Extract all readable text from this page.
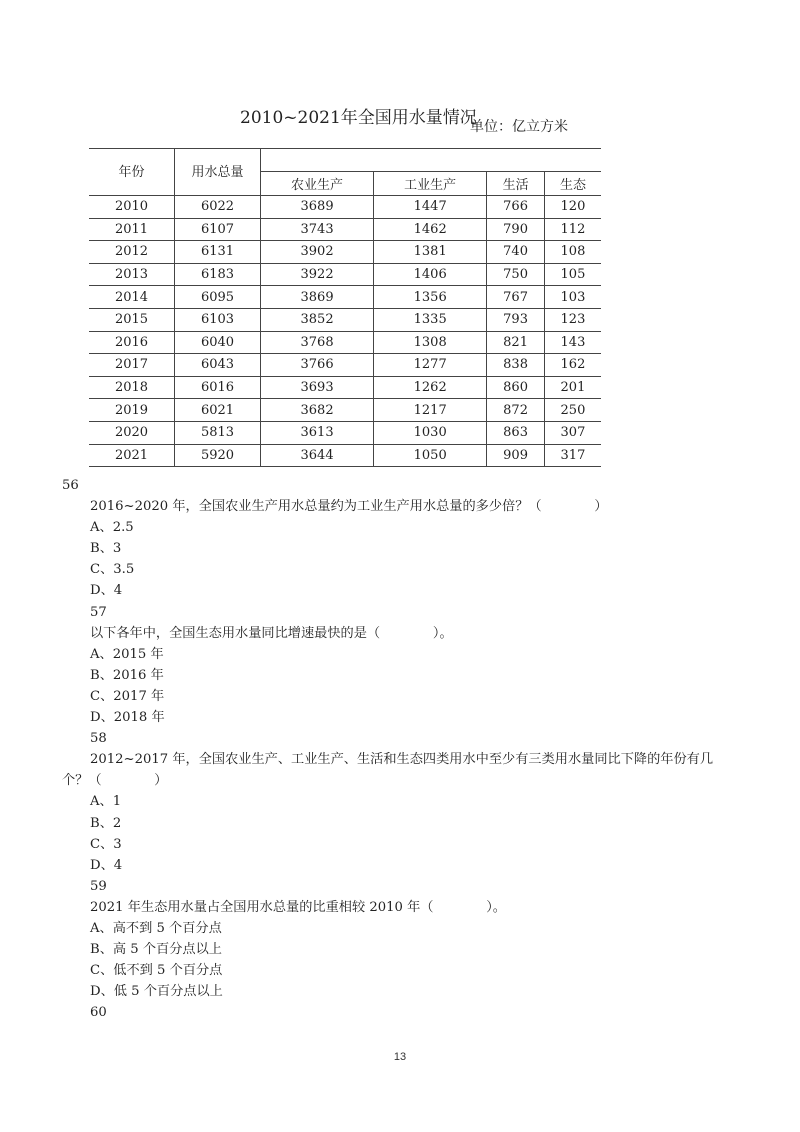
2010~2021年全国用水量情况
单位：亿立方米
年份	用水总量				
		农业生产	工业生产	生活	生态
2010	6022	3689	1447	766	120
2011	6107	3743	1462	790	112
2012	6131	3902	1381	740	108
2013	6183	3922	1406	750	105
2014	6095	3869	1356	767	103
2015	6103	3852	1335	793	123
2016	6040	3768	1308	821	143
2017	6043	3766	1277	838	162
2018	6016	3693	1262	860	201
2019	6021	3682	1217	872	250
2020	5813	3613	1030	863	307
2021	5920	3644	1050	909	317
56
2016~2020 年，全国农业生产用水总量约为工业生产用水总量的多少倍？（　　　　）
A、2.5
B、3
C、3.5
D、4
57
以下各年中，全国生态用水量同比增速最快的是（　　　　）。
A、2015 年
B、2016 年
C、2017 年
D、2018 年
58
2012~2017 年，全国农业生产、工业生产、生活和生态四类用水中至少有三类用水量同比下降的年份有几
个？（　　　　）
A、1
B、2
C、3
D、4
59
2021 年生态用水量占全国用水总量的比重相较 2010 年（　　　　）。
A、高不到 5 个百分点
B、高 5 个百分点以上
C、低不到 5 个百分点
D、低 5 个百分点以上
60
13
